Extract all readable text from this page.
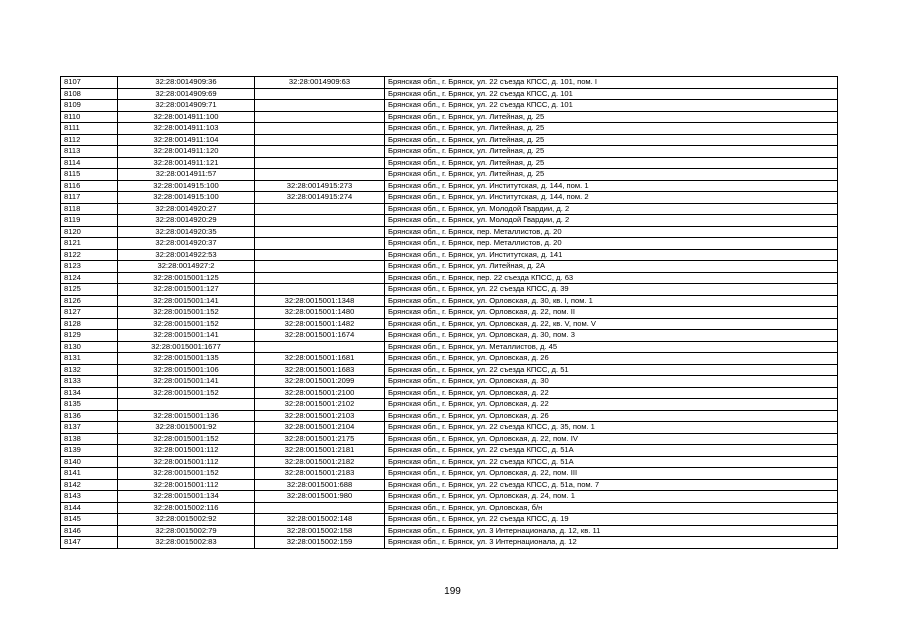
8107	32:28:0014909:36	32:28:0014909:63	Брянская обл., г. Брянск, ул. 22 съезда КПСС, д. 101, пом. I
8108	32:28:0014909:69		Брянская обл., г. Брянск, ул. 22 съезда КПСС, д. 101
8109	32:28:0014909:71		Брянская обл., г. Брянск, ул. 22 съезда КПСС, д. 101
8110	32:28:0014911:100		Брянская обл., г. Брянск, ул. Литейная, д. 25
8111	32:28:0014911:103		Брянская обл., г. Брянск, ул. Литейная, д. 25
8112	32:28:0014911:104		Брянская обл., г. Брянск, ул. Литейная, д. 25
8113	32:28:0014911:120		Брянская обл., г. Брянск, ул. Литейная, д. 25
8114	32:28:0014911:121		Брянская обл., г. Брянск, ул. Литейная, д. 25
8115	32:28:0014911:57		Брянская обл., г. Брянск, ул. Литейная, д. 25
8116	32:28:0014915:100	32:28:0014915:273	Брянская обл., г. Брянск, ул. Институтская, д. 144, пом. 1
8117	32:28:0014915:100	32:28:0014915:274	Брянская обл., г. Брянск, ул. Институтская, д. 144, пом. 2
8118	32:28:0014920:27		Брянская обл., г. Брянск, ул. Молодой Гвардии, д. 2
8119	32:28:0014920:29		Брянская обл., г. Брянск, ул. Молодой Гвардии, д. 2
8120	32:28:0014920:35		Брянская обл., г. Брянск, пер. Металлистов, д. 20
8121	32:28:0014920:37		Брянская обл., г. Брянск, пер. Металлистов, д. 20
8122	32:28:0014922:53		Брянская обл., г. Брянск, ул. Институтская, д. 141
8123	32:28:0014927:2		Брянская обл., г. Брянск, ул. Литейная, д. 2А
8124	32:28:0015001:125		Брянская обл., г. Брянск, пер. 22 съезда КПСС, д. 63
8125	32:28:0015001:127		Брянская обл., г. Брянск, ул. 22 съезда КПСС, д. 39
8126	32:28:0015001:141	32:28:0015001:1348	Брянская обл., г. Брянск, ул. Орловская, д. 30, кв. I, пом. 1
8127	32:28:0015001:152	32:28:0015001:1480	Брянская обл., г. Брянск, ул. Орловская, д. 22, пом. II
8128	32:28:0015001:152	32:28:0015001:1482	Брянская обл., г. Брянск, ул. Орловская, д. 22, кв. V, пом. V
8129	32:28:0015001:141	32:28:0015001:1674	Брянская обл., г. Брянск, ул. Орловская, д. 30, пом. 3
8130	32:28:0015001:1677		Брянская обл., г. Брянск, ул. Металлистов, д. 45
8131	32:28:0015001:135	32:28:0015001:1681	Брянская обл., г. Брянск, ул. Орловская, д. 26
8132	32:28:0015001:106	32:28:0015001:1683	Брянская обл., г. Брянск, ул. 22 съезда КПСС, д. 51
8133	32:28:0015001:141	32:28:0015001:2099	Брянская обл., г. Брянск, ул. Орловская, д. 30
8134	32:28:0015001:152	32:28:0015001:2100	Брянская обл., г. Брянск, ул. Орловская, д. 22
8135		32:28:0015001:2102	Брянская обл., г. Брянск, ул. Орловская, д. 22
8136	32:28:0015001:136	32:28:0015001:2103	Брянская обл., г. Брянск, ул. Орловская, д. 26
8137	32:28:0015001:92	32:28:0015001:2104	Брянская обл., г. Брянск, ул. 22 съезда КПСС, д. 35, пом. 1
8138	32:28:0015001:152	32:28:0015001:2175	Брянская обл., г. Брянск, ул. Орловская, д. 22, пом. IV
8139	32:28:0015001:112	32:28:0015001:2181	Брянская обл., г. Брянск, ул. 22 съезда КПСС, д. 51А
8140	32:28:0015001:112	32:28:0015001:2182	Брянская обл., г. Брянск, ул. 22 съезда КПСС, д. 51А
8141	32:28:0015001:152	32:28:0015001:2183	Брянская обл., г. Брянск, ул. Орловская, д. 22, пом. III
8142	32:28:0015001:112	32:28:0015001:688	Брянская обл., г. Брянск, ул. 22 съезда КПСС, д. 51а, пом. 7
8143	32:28:0015001:134	32:28:0015001:980	Брянская обл., г. Брянск, ул. Орловская, д. 24, пом. 1
8144	32:28:0015002:116		Брянская обл., г. Брянск, ул. Орловская, б/н
8145	32:28:0015002:92	32:28:0015002:148	Брянская обл., г. Брянск, ул. 22 съезда КПСС, д. 19
8146	32:28:0015002:79	32:28:0015002:158	Брянская обл., г. Брянск, ул. 3 Интернационала, д. 12, кв. 11
8147	32:28:0015002:83	32:28:0015002:159	Брянская обл., г. Брянск, ул. 3 Интернационала, д. 12
199
